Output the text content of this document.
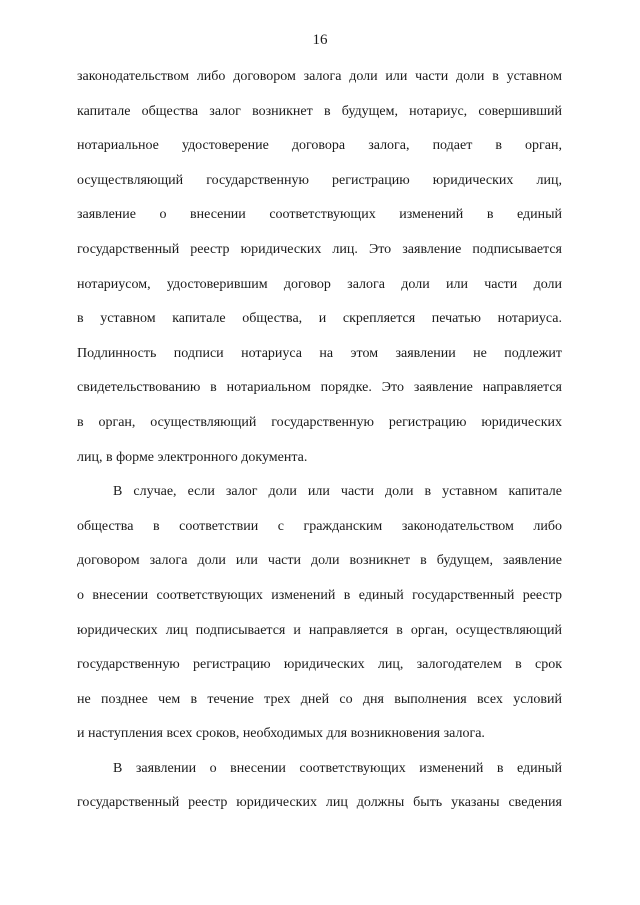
16
законодательством либо договором залога доли или части доли в уставном
капитале общества залог возникнет в будущем, нотариус, совершивший
нотариальное удостоверение договора залога, подает в орган,
осуществляющий государственную регистрацию юридических лиц,
заявление о внесении соответствующих изменений в единый
государственный реестр юридических лиц. Это заявление подписывается
нотариусом, удостоверившим договор залога доли или части доли
в уставном капитале общества, и скрепляется печатью нотариуса.
Подлинность подписи нотариуса на этом заявлении не подлежит
свидетельствованию в нотариальном порядке. Это заявление направляется
в орган, осуществляющий государственную регистрацию юридических
лиц, в форме электронного документа.
В случае, если залог доли или части доли в уставном капитале
общества в соответствии с гражданским законодательством либо
договором залога доли или части доли возникнет в будущем, заявление
о внесении соответствующих изменений в единый государственный реестр
юридических лиц подписывается и направляется в орган, осуществляющий
государственную регистрацию юридических лиц, залогодателем в срок
не позднее чем в течение трех дней со дня выполнения всех условий
и наступления всех сроков, необходимых для возникновения залога.
В заявлении о внесении соответствующих изменений в единый
государственный реестр юридических лиц должны быть указаны сведения
